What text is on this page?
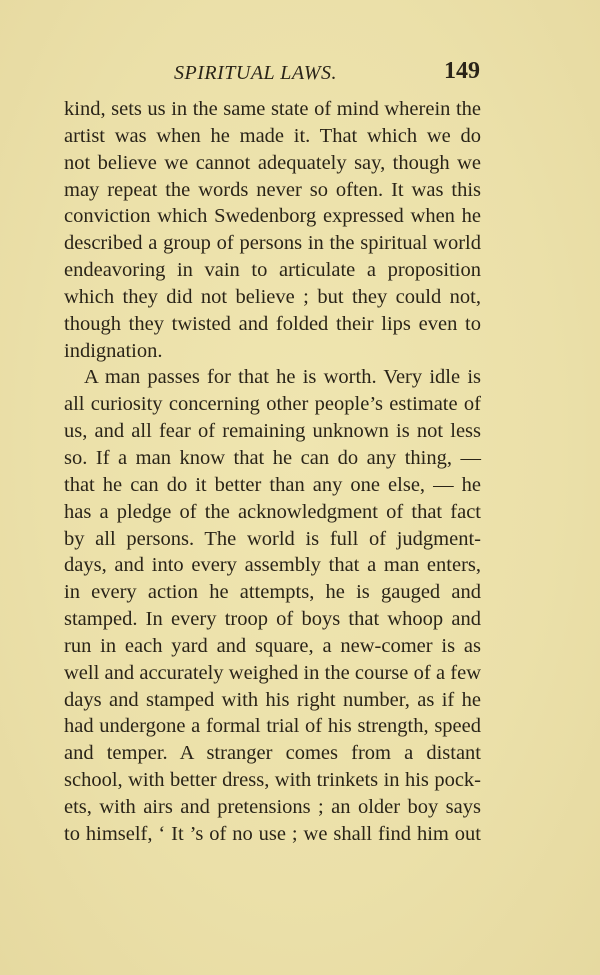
SPIRITUAL LAWS.	149
kind, sets us in the same state of mind wherein the
artist was when he made it. That which we do
not believe we cannot adequately say, though we
may repeat the words never so often. It was this
conviction which Swedenborg expressed when he
described a group of persons in the spiritual world
endeavoring in vain to articulate a proposition
which they did not believe ; but they could not,
though they twisted and folded their lips even to
indignation.
A man passes for that he is worth. Very idle is
all curiosity concerning other people’s estimate of
us, and all fear of remaining unknown is not less
so. If a man know that he can do any thing, —
that he can do it better than any one else, — he
has a pledge of the acknowledgment of that fact
by all persons. The world is full of judgment-
days, and into every assembly that a man enters,
in every action he attempts, he is gauged and
stamped. In every troop of boys that whoop and
run in each yard and square, a new-comer is as
well and accurately weighed in the course of a few
days and stamped with his right number, as if he
had undergone a formal trial of his strength, speed
and temper. A stranger comes from a distant
school, with better dress, with trinkets in his pock-
ets, with airs and pretensions ; an older boy says
to himself, ‘ It ’s of no use ; we shall find him out
